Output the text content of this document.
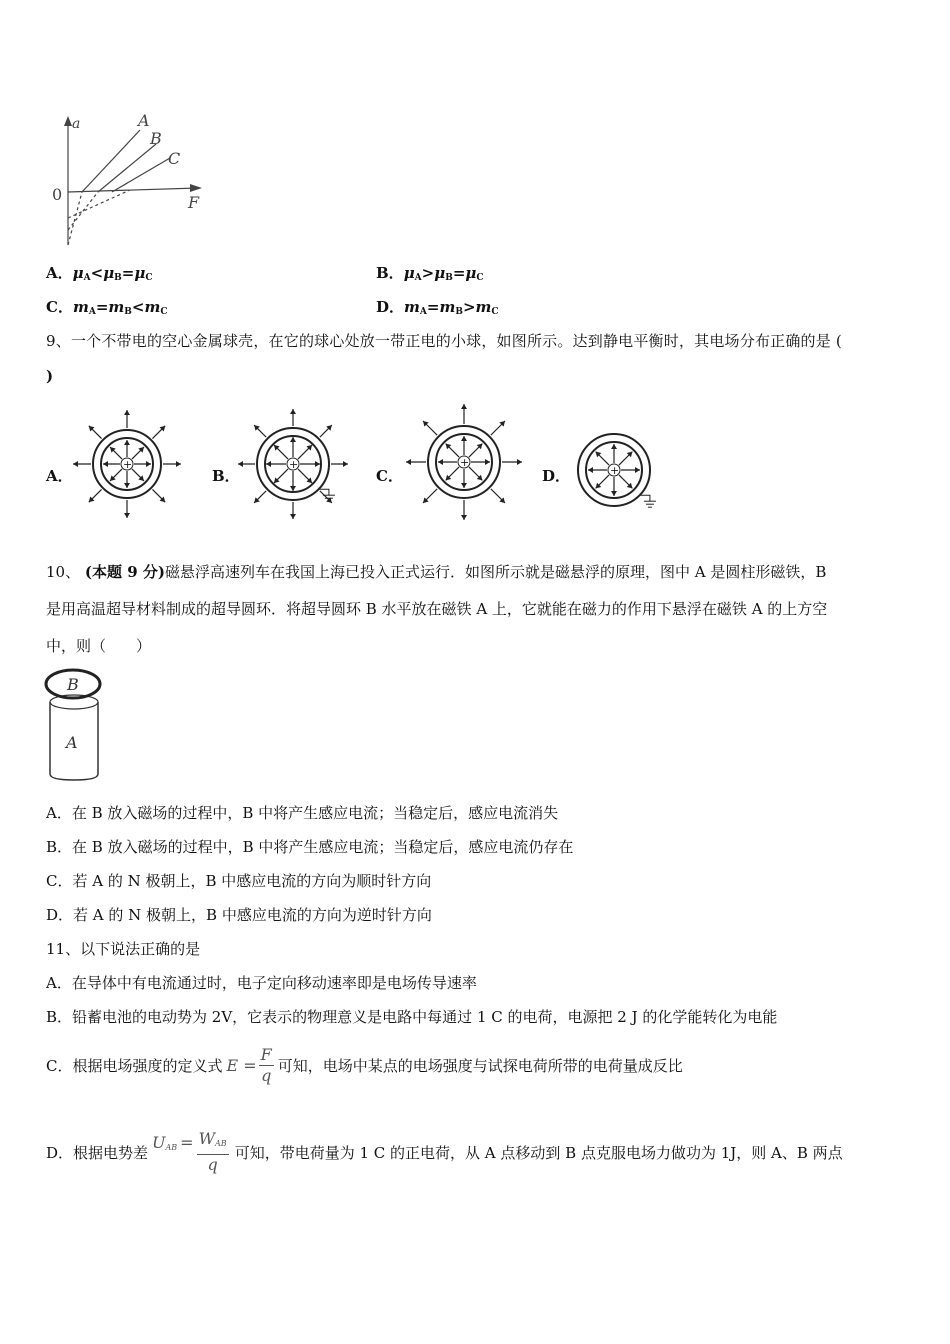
a
F
0
A
B
C
A．$\mu_A<\mu_B=\mu_C$	B．$\mu_A>\mu_B=\mu_C$
C．$m_A=m_B<m_C$	D．$m_A=m_B>m_C$
9、一个不带电的空心金属球壳，在它的球心处放一带正电的小球，如图所示。达到静电平衡时，其电场分布正确的是 (
)
A．	B．	C．	D．
+	+	+
+
10、 (本题 9 分)磁悬浮高速列车在我国上海已投入正式运行．如图所示就是磁悬浮的原理，图中 A 是圆柱形磁铁，B
是用高温超导材料制成的超导圆环．将超导圆环 B 水平放在磁铁 A 上，它就能在磁力的作用下悬浮在磁铁 A 的上方空
中，则（　　）
B
A
A．在 B 放入磁场的过程中，B 中将产生感应电流；当稳定后，感应电流消失
B．在 B 放入磁场的过程中，B 中将产生感应电流；当稳定后，感应电流仍存在
C．若 A 的 N 极朝上，B 中感应电流的方向为顺时针方向
D．若 A 的 N 极朝上，B 中感应电流的方向为逆时针方向
11、以下说法正确的是
A．在导体中有电流通过时，电子定向移动速率即是电场传导速率
B．铅蓄电池的电动势为 2V，它表示的物理意义是电路中每通过 1 C 的电荷，电源把 2 J 的化学能转化为电能
C．根据电场强度的定义式 $E = \frac{F}{q}$ 可知，电场中某点的电场强度与试探电荷所带的电荷量成反比
D．根据电势差
$U_{AB} = \frac{W_{AB}}{q}$ 可知，带电荷量为 1 C 的正电荷，从 A 点移动到 B 点克服电场力做功为 1J，则 A、B 两点
